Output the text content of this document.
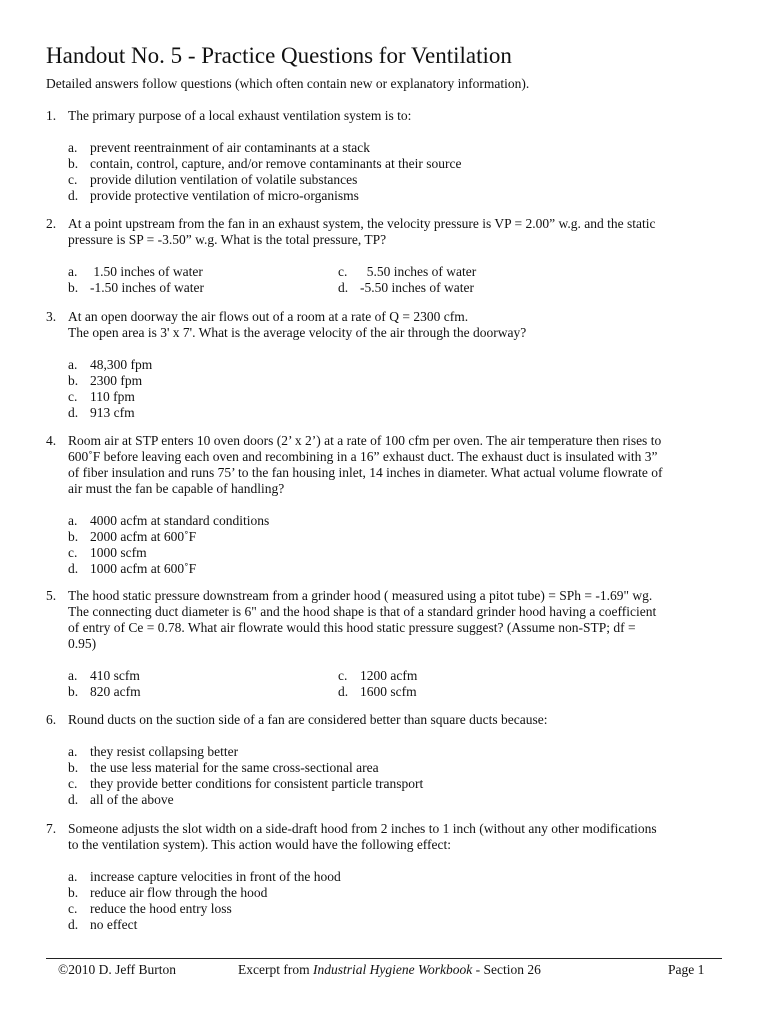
Handout No. 5 - Practice Questions for Ventilation
Detailed answers follow questions (which often contain new or explanatory information).
1. The primary purpose of a local exhaust ventilation system is to:
a. prevent reentrainment of air contaminants at a stack
b. contain, control, capture, and/or remove contaminants at their source
c. provide dilution ventilation of volatile substances
d. provide protective ventilation of micro-organisms
2. At a point upstream from the fan in an exhaust system, the velocity pressure is VP = 2.00” w.g. and the static
pressure is SP = -3.50” w.g. What is the total pressure, TP?
a. 1.50 inches of water	c. 5.50 inches of water
b. -1.50 inches of water	d. -5.50 inches of water
3. At an open doorway the air flows out of a room at a rate of Q = 2300 cfm.
The open area is 3' x 7'. What is the average velocity of the air through the doorway?
a. 48,300 fpm
b. 2300 fpm
c. 110 fpm
d. 913 cfm
4. Room air at STP enters 10 oven doors (2’ x 2’) at a rate of 100 cfm per oven. The air temperature then rises to
600˚F before leaving each oven and recombining in a 16” exhaust duct. The exhaust duct is insulated with 3”
of fiber insulation and runs 75’ to the fan housing inlet, 14 inches in diameter. What actual volume flowrate of
air must the fan be capable of handling?
a. 4000 acfm at standard conditions
b. 2000 acfm at 600˚F
c. 1000 scfm
d. 1000 acfm at 600˚F
5. The hood static pressure downstream from a grinder hood ( measured using a pitot tube) = SPh = -1.69" wg.
The connecting duct diameter is 6" and the hood shape is that of a standard grinder hood having a coefficient
of entry of Ce = 0.78. What air flowrate would this hood static pressure suggest? (Assume non-STP; df =
0.95)
a. 410 scfm	c. 1200 acfm
b. 820 acfm	d. 1600 scfm
6. Round ducts on the suction side of a fan are considered better than square ducts because:
a. they resist collapsing better
b. the use less material for the same cross-sectional area
c. they provide better conditions for consistent particle transport
d. all of the above
7. Someone adjusts the slot width on a side-draft hood from 2 inches to 1 inch (without any other modifications
to the ventilation system). This action would have the following effect:
a. increase capture velocities in front of the hood
b. reduce air flow through the hood
c. reduce the hood entry loss
d. no effect
©2010 D. Jeff Burton	Excerpt from Industrial Hygiene Workbook - Section 26	Page 1
